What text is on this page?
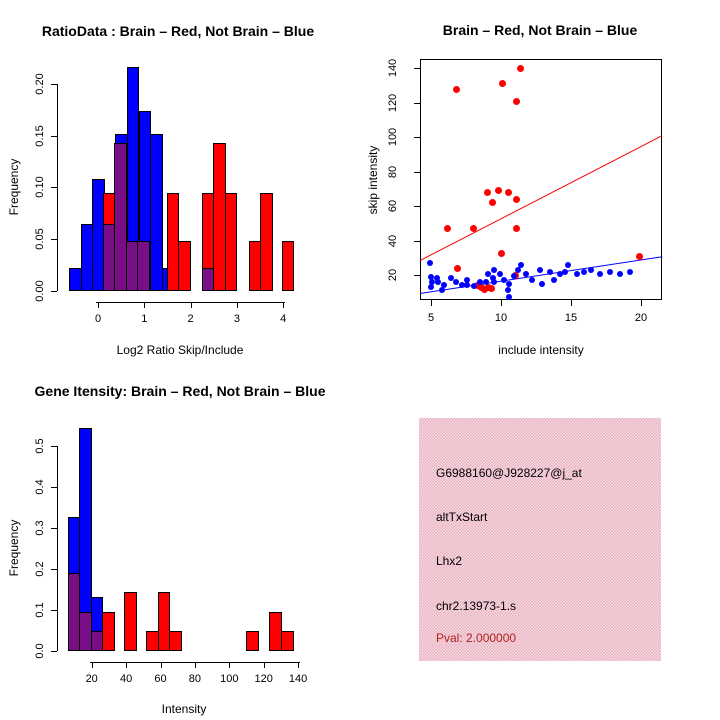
RatioData : Brain – Red, Not Brain – Blue
Frequency
Log2 Ratio Skip/Include
Brain – Red, Not Brain – Blue
skip intensity
include intensity
Gene Itensity: Brain – Red, Not Brain – Blue
Frequency
Intensity
G6988160@J928227@j_at
altTxStart
Lhx2
chr2.13973-1.s
Pval: 2.000000
0	1	2	3	4
0.00
0.05
0.10
0.15
0.20
20 40 60 80 100 120 140
0.0
0.1
0.2
0.3
0.4
0.5
5	10	15	20
20
40
60
80
100
120
140
